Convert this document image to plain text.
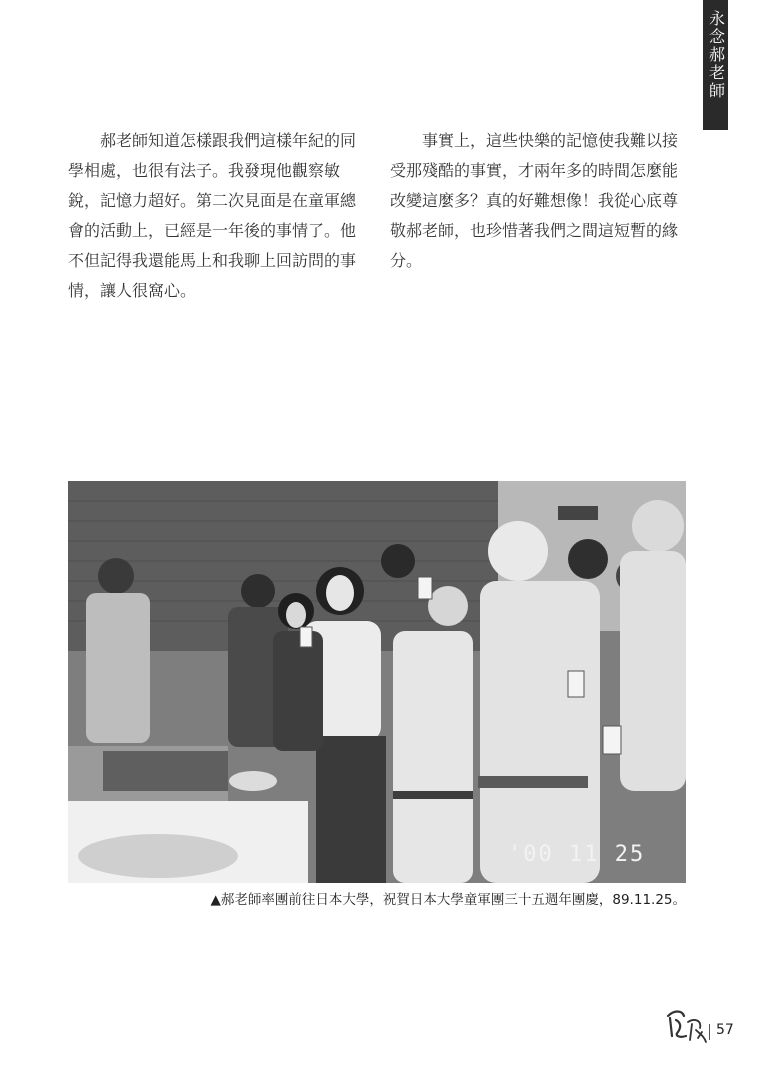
永念郝老師

郝老師知道怎樣跟我們這樣年紀的同學相處，也很有法子。我發現他觀察敏銳，記憶力超好。第二次見面是在童軍總會的活動上，已經是一年後的事情了。他不但記得我還能馬上和我聊上回訪問的事情，讓人很窩心。

事實上，這些快樂的記憶使我難以接受那殘酷的事實，才兩年多的時間怎麼能改變這麼多？真的好難想像！我從心底尊敬郝老師，也珍惜著我們之間這短暫的緣分。

'00 11 25
▲郝老師率團前往日本大學，祝賀日本大學童軍團三十五週年團慶，89.11.25。
57
